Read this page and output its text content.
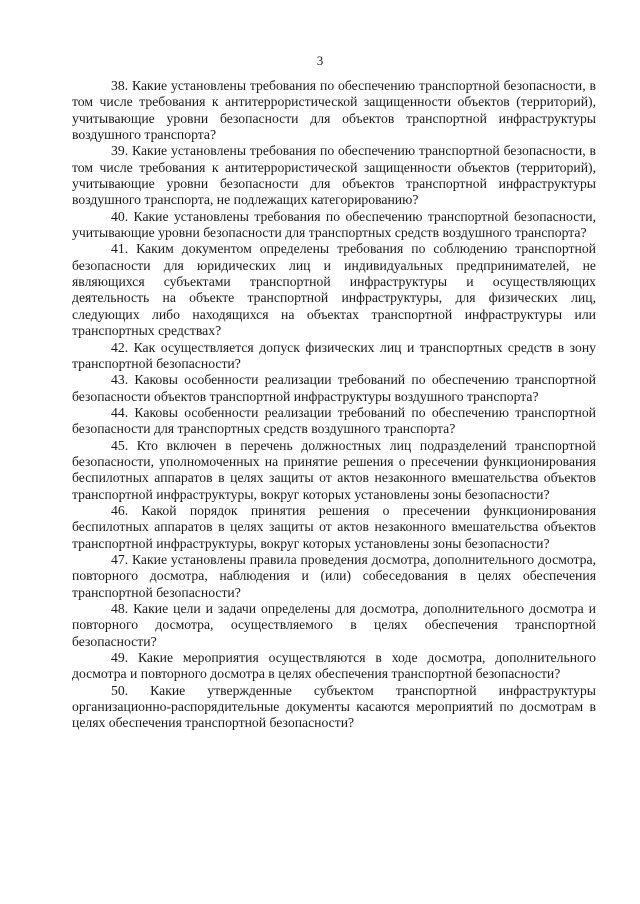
3

38. Какие установлены требования по обеспечению транспортной безопасности, в том числе требования к антитеррористической защищенности объектов (территорий), учитывающие уровни безопасности для объектов транспортной инфраструктуры воздушного транспорта?

39. Какие установлены требования по обеспечению транспортной безопасности, в том числе требования к антитеррористической защищенности объектов (территорий), учитывающие уровни безопасности для объектов транспортной инфраструктуры воздушного транспорта, не подлежащих категорированию?

40. Какие установлены требования по обеспечению транспортной безопасности, учитывающие уровни безопасности для транспортных средств воздушного транспорта?

41. Каким документом определены требования по соблюдению транспортной безопасности для юридических лиц и индивидуальных предпринимателей, не являющихся субъектами транспортной инфраструктуры и осуществляющих деятельность на объекте транспортной инфраструктуры, для физических лиц, следующих либо находящихся на объектах транспортной инфраструктуры или транспортных средствах?

42. Как осуществляется допуск физических лиц и транспортных средств в зону транспортной безопасности?

43. Каковы особенности реализации требований по обеспечению транспортной безопасности объектов транспортной инфраструктуры воздушного транспорта?

44. Каковы особенности реализации требований по обеспечению транспортной безопасности для транспортных средств воздушного транспорта?

45. Кто включен в перечень должностных лиц подразделений транспортной безопасности, уполномоченных на принятие решения о пресечении функционирования беспилотных аппаратов в целях защиты от актов незаконного вмешательства объектов транспортной инфраструктуры, вокруг которых установлены зоны безопасности?

46. Какой порядок принятия решения о пресечении функционирования беспилотных аппаратов в целях защиты от актов незаконного вмешательства объектов транспортной инфраструктуры, вокруг которых установлены зоны безопасности?

47. Какие установлены правила проведения досмотра, дополнительного досмотра, повторного досмотра, наблюдения и (или) собеседования в целях обеспечения транспортной безопасности?

48. Какие цели и задачи определены для досмотра, дополнительного досмотра и повторного досмотра, осуществляемого в целях обеспечения транспортной безопасности?

49. Какие мероприятия осуществляются в ходе досмотра, дополнительного досмотра и повторного досмотра в целях обеспечения транспортной безопасности?

50. Какие утвержденные субъектом транспортной инфраструктуры организационно-распорядительные документы касаются мероприятий по досмотрам в целях обеспечения транспортной безопасности?
